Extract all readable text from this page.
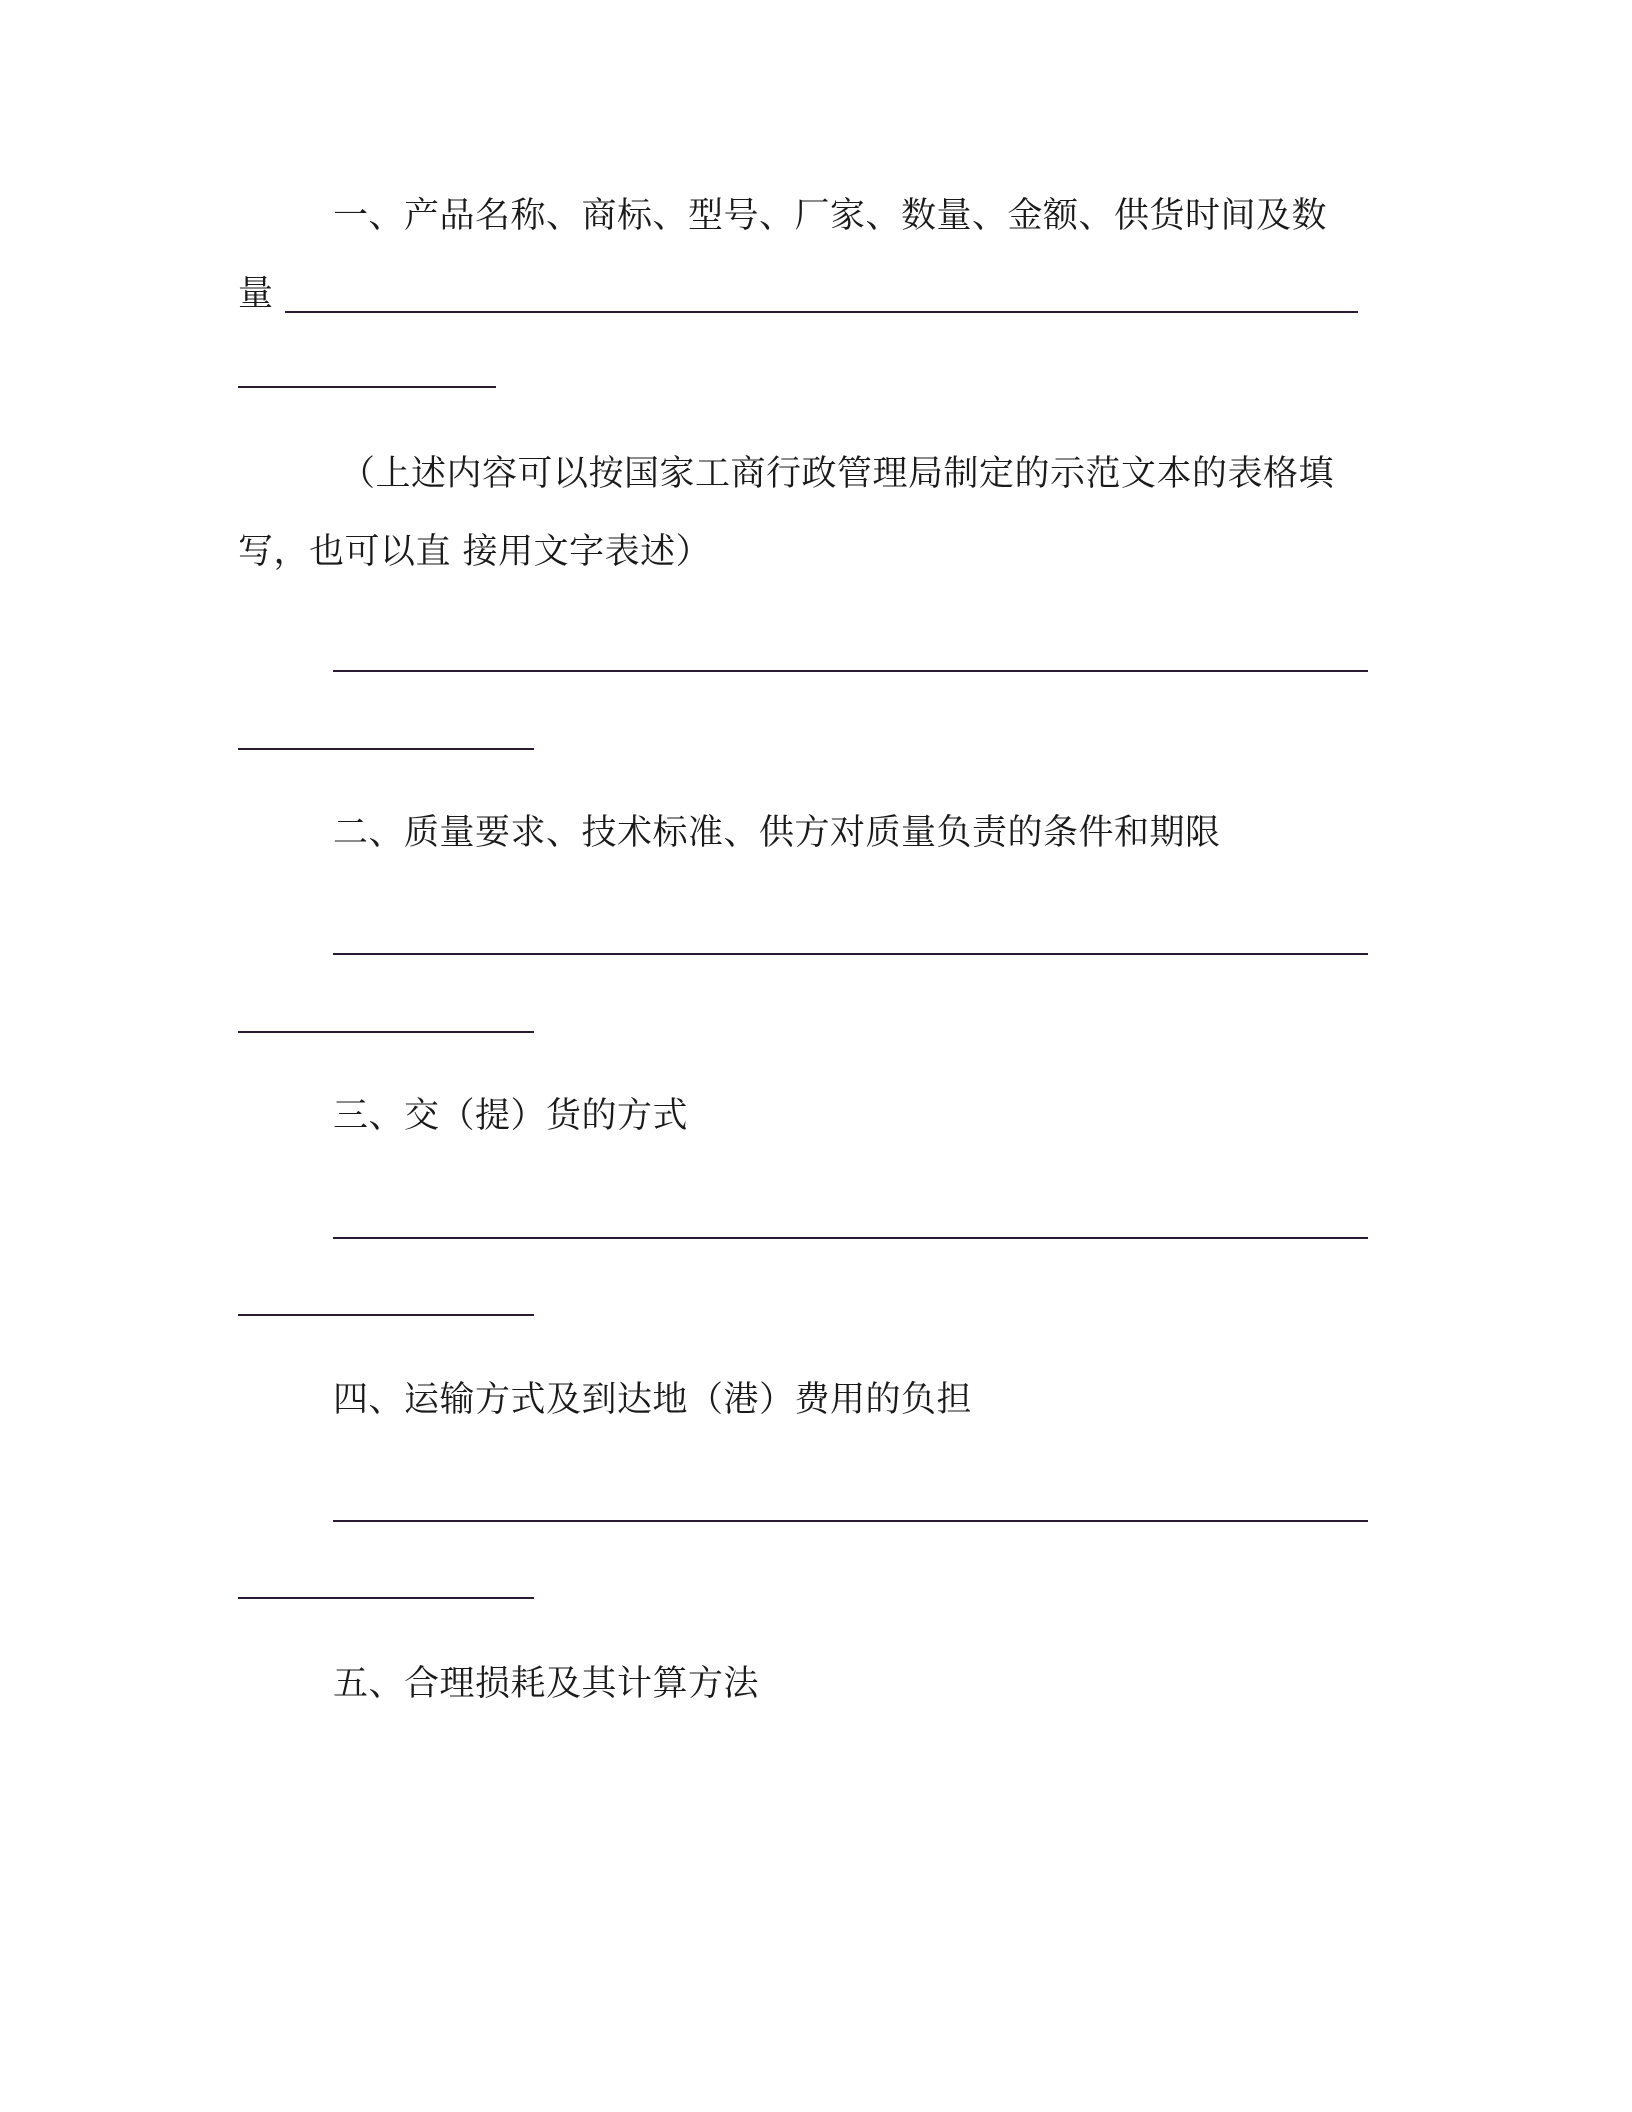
一、产品名称、商标、型号、厂家、数量、金额、供货时间及数
量
（上述内容可以按国家工商行政管理局制定的示范文本的表格填
写，也可以直 接用文字表述）
二、质量要求、技术标准、供方对质量负责的条件和期限
三、交（提）货的方式
四、运输方式及到达地（港）费用的负担
五、合理损耗及其计算方法
